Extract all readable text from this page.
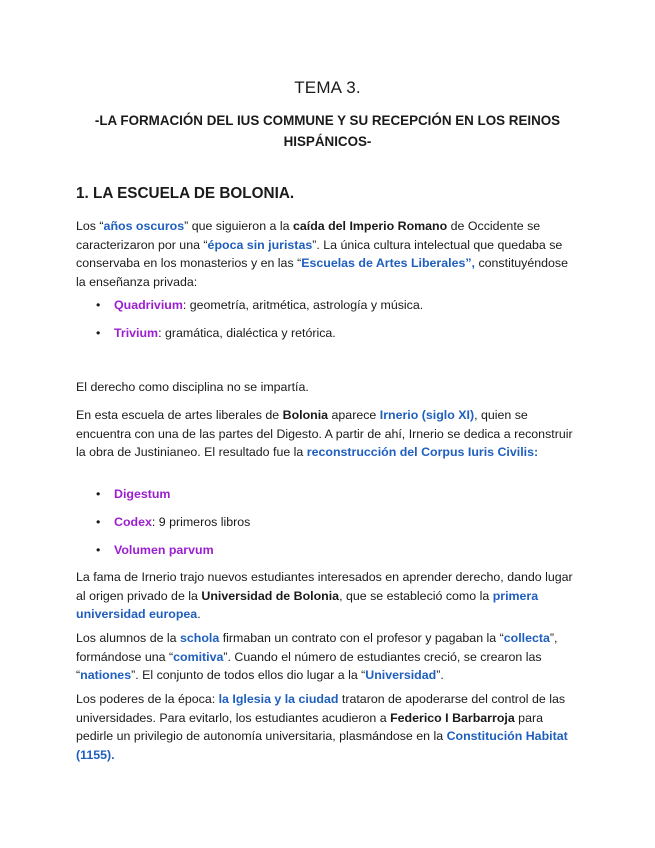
TEMA 3.
-LA FORMACIÓN DEL IUS COMMUNE Y SU RECEPCIÓN EN LOS REINOS HISPÁNICOS-
1. LA ESCUELA DE BOLONIA.
Los “años oscuros” que siguieron a la caída del Imperio Romano de Occidente se caracterizaron por una “época sin juristas”. La única cultura intelectual que quedaba se conservaba en los monasterios y en las “Escuelas de Artes Liberales”, constituyéndose la enseñanza privada:
• Quadrivium: geometría, aritmética, astrología y música.
• Trivium: gramática, dialéctica y retórica.
El derecho como disciplina no se impartía.
En esta escuela de artes liberales de Bolonia aparece Irnerio (siglo XI), quien se encuentra con una de las partes del Digesto. A partir de ahí, Irnerio se dedica a reconstruir la obra de Justinianeo. El resultado fue la reconstrucción del Corpus Iuris Civilis:
• Digestum
• Codex: 9 primeros libros
• Volumen parvum
La fama de Irnerio trajo nuevos estudiantes interesados en aprender derecho, dando lugar al origen privado de la Universidad de Bolonia, que se estableció como la primera universidad europea.
Los alumnos de la schola firmaban un contrato con el profesor y pagaban la “collecta”, formándose una “comitiva”. Cuando el número de estudiantes creció, se crearon las “nationes”. El conjunto de todos ellos dio lugar a la “Universidad”.
Los poderes de la época: la Iglesia y la ciudad trataron de apoderarse del control de las universidades. Para evitarlo, los estudiantes acudieron a Federico I Barbarroja para pedirle un privilegio de autonomía universitaria, plasmándose en la Constitución Habitat (1155).
